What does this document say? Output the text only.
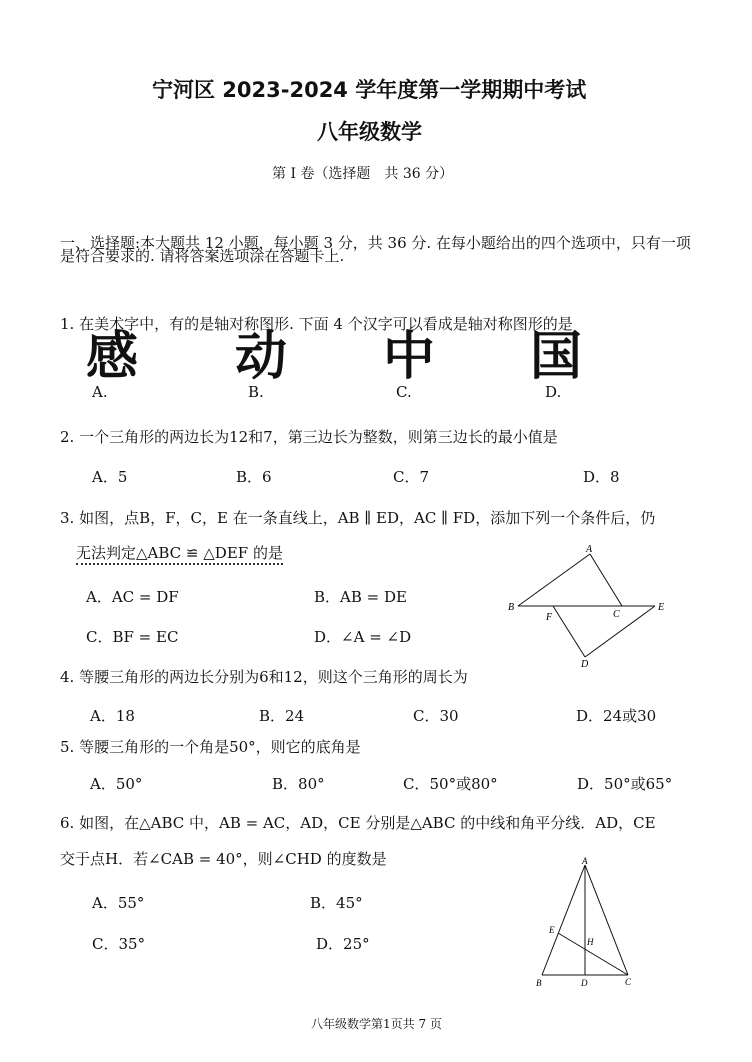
宁河区 2023-2024 学年度第一学期期中考试
八年级数学
第 I 卷（选择题　共 36 分）
一、选择题:本大题共 12 小题，每小题 3 分，共 36 分. 在每小题给出的四个选项中，只有一项
是符合要求的. 请将答案选项涂在答题卡上.
1. 在美术字中，有的是轴对称图形. 下面 4 个汉字可以看成是轴对称图形的是
感 动 中 国
A.	B.	C.	D.
2. 一个三角形的两边长为12和7，第三边长为整数，则第三边长的最小值是
A．5	B．6	C．7	D．8
3. 如图，点B，F，C，E 在一条直线上，AB ∥ ED，AC ∥ FD，添加下列一个条件后，仍
无法判定△ABC ≌ △DEF 的是
A．AC = DF	B．AB = DE
C．BF = EC	D．∠A = ∠D
A
B
F	C
E
D
4. 等腰三角形的两边长分别为6和12，则这个三角形的周长为
A．18	B．24	C．30	D．24或30
5. 等腰三角形的一个角是50°，则它的底角是
A．50°	B．80°	C．50°或80°	D．50°或65°
6. 如图，在△ABC 中，AB = AC，AD，CE 分别是△ABC 的中线和角平分线．AD，CE
交于点H．若∠CAB = 40°，则∠CHD 的度数是
A．55°	B．45°
C．35°	D．25°
A
E
H
B	D	C
八年级数学第1页共 7 页
